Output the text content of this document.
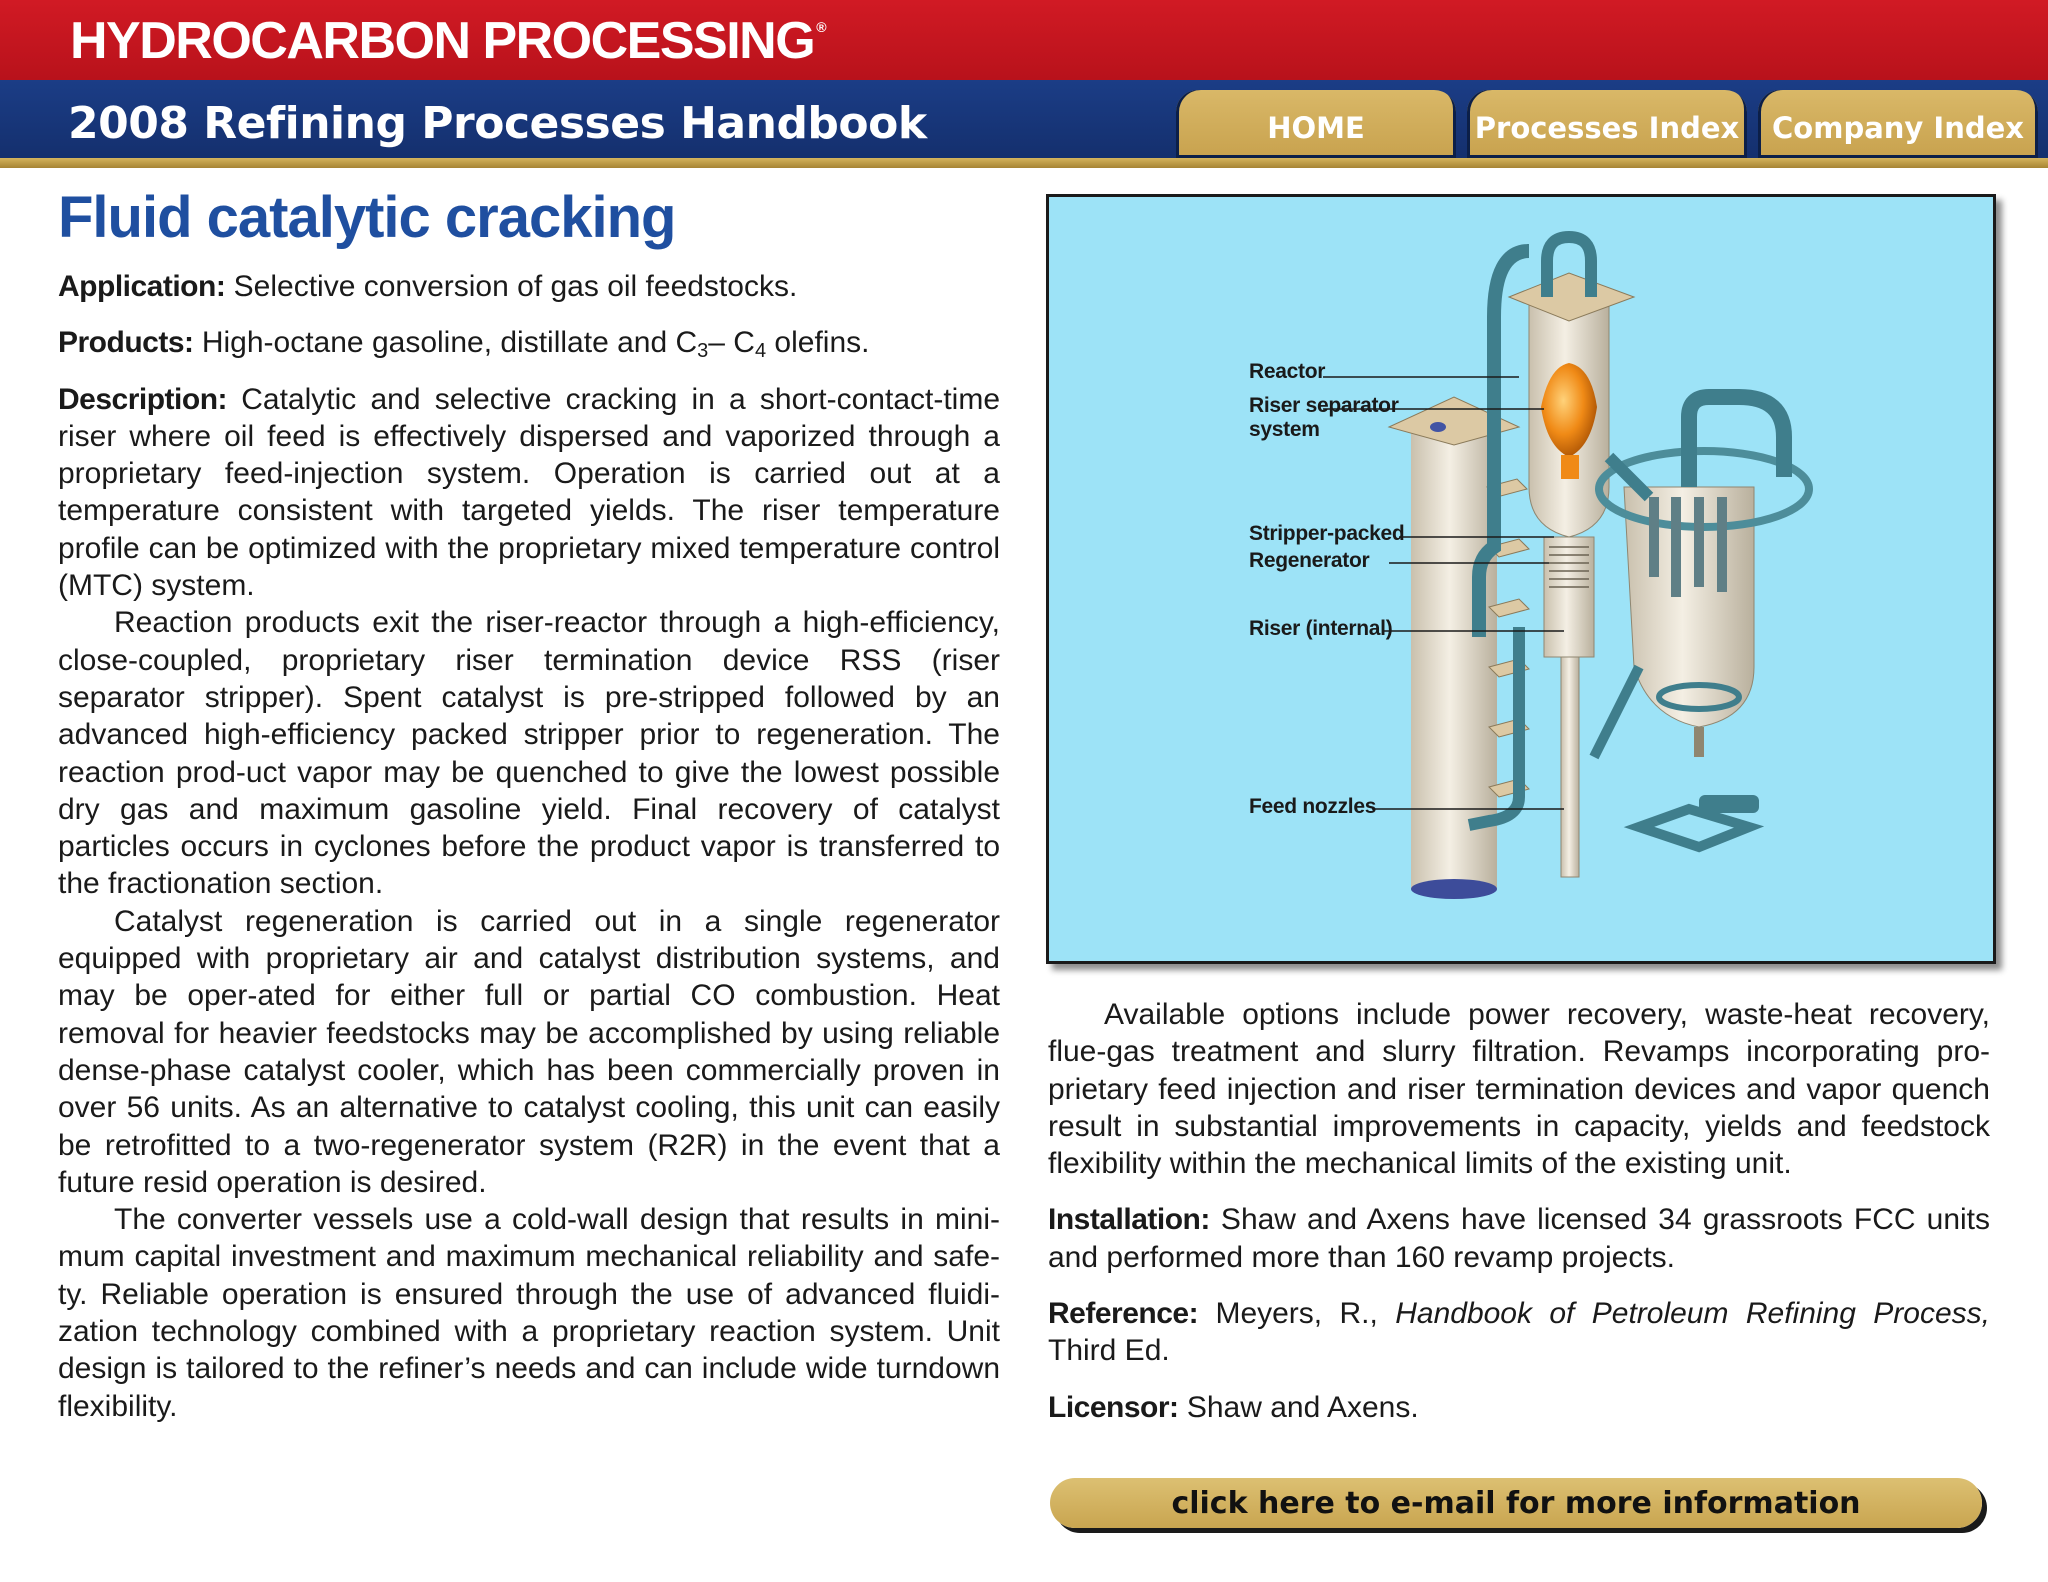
HYDROCARBON PROCESSING ®
2008 Refining Processes Handbook	HOME	Processes Index	Company Index
Fluid catalytic cracking

Application: Selective conversion of gas oil feedstocks.

Products: High-octane gasoline, distillate and $C_3-$ $C_4$ olefins.

Description: Catalytic and selective cracking in a short-contact-time riser where oil feed is effectively dispersed and vaporized through a proprietary feed-injection system. Operation is carried out at a temperature consistent with targeted yields. The riser temperature profile can be optimized with the proprietary mixed temperature control (MTC) system.

Reaction products exit the riser-reactor through a high-efficiency, close-coupled, proprietary riser termination device RSS (riser separator stripper). Spent catalyst is pre-stripped followed by an advanced high-efficiency packed stripper prior to regeneration. The reaction prod-uct vapor may be quenched to give the lowest possible dry gas and maximum gasoline yield. Final recovery of catalyst particles occurs in cyclones before the product vapor is transferred to the fractionation section.

Catalyst regeneration is carried out in a single regenerator equipped with proprietary air and catalyst distribution systems, and may be oper-ated for either full or partial CO combustion. Heat removal for heavier feedstocks may be accomplished by using reliable dense-phase catalyst cooler, which has been commercially proven in over 56 units. As an alternative to catalyst cooling, this unit can easily be retrofitted to a two-regenerator system (R2R) in the event that a future resid operation is desired.

The converter vessels use a cold-wall design that results in mini-mum capital investment and maximum mechanical reliability and safe-ty. Reliable operation is ensured through the use of advanced fluidi-zation technology combined with a proprietary reaction system. Unit design is tailored to the refiner’s needs and can include wide turndown flexibility.

Reactor
Riser separator
system
Stripper-packed
Regenerator
Riser (internal)
Feed nozzles

Available options include power recovery, waste-heat recovery, flue-gas treatment and slurry filtration. Revamps incorporating pro-prietary feed injection and riser termination devices and vapor quench result in substantial improvements in capacity, yields and feedstock flexibility within the mechanical limits of the existing unit.

Installation: Shaw and Axens have licensed 34 grassroots FCC units and performed more than 160 revamp projects.

Reference: Meyers, R., Handbook of Petroleum Refining Process, Third Ed.

Licensor: Shaw and Axens.

click here to e-mail for more information
